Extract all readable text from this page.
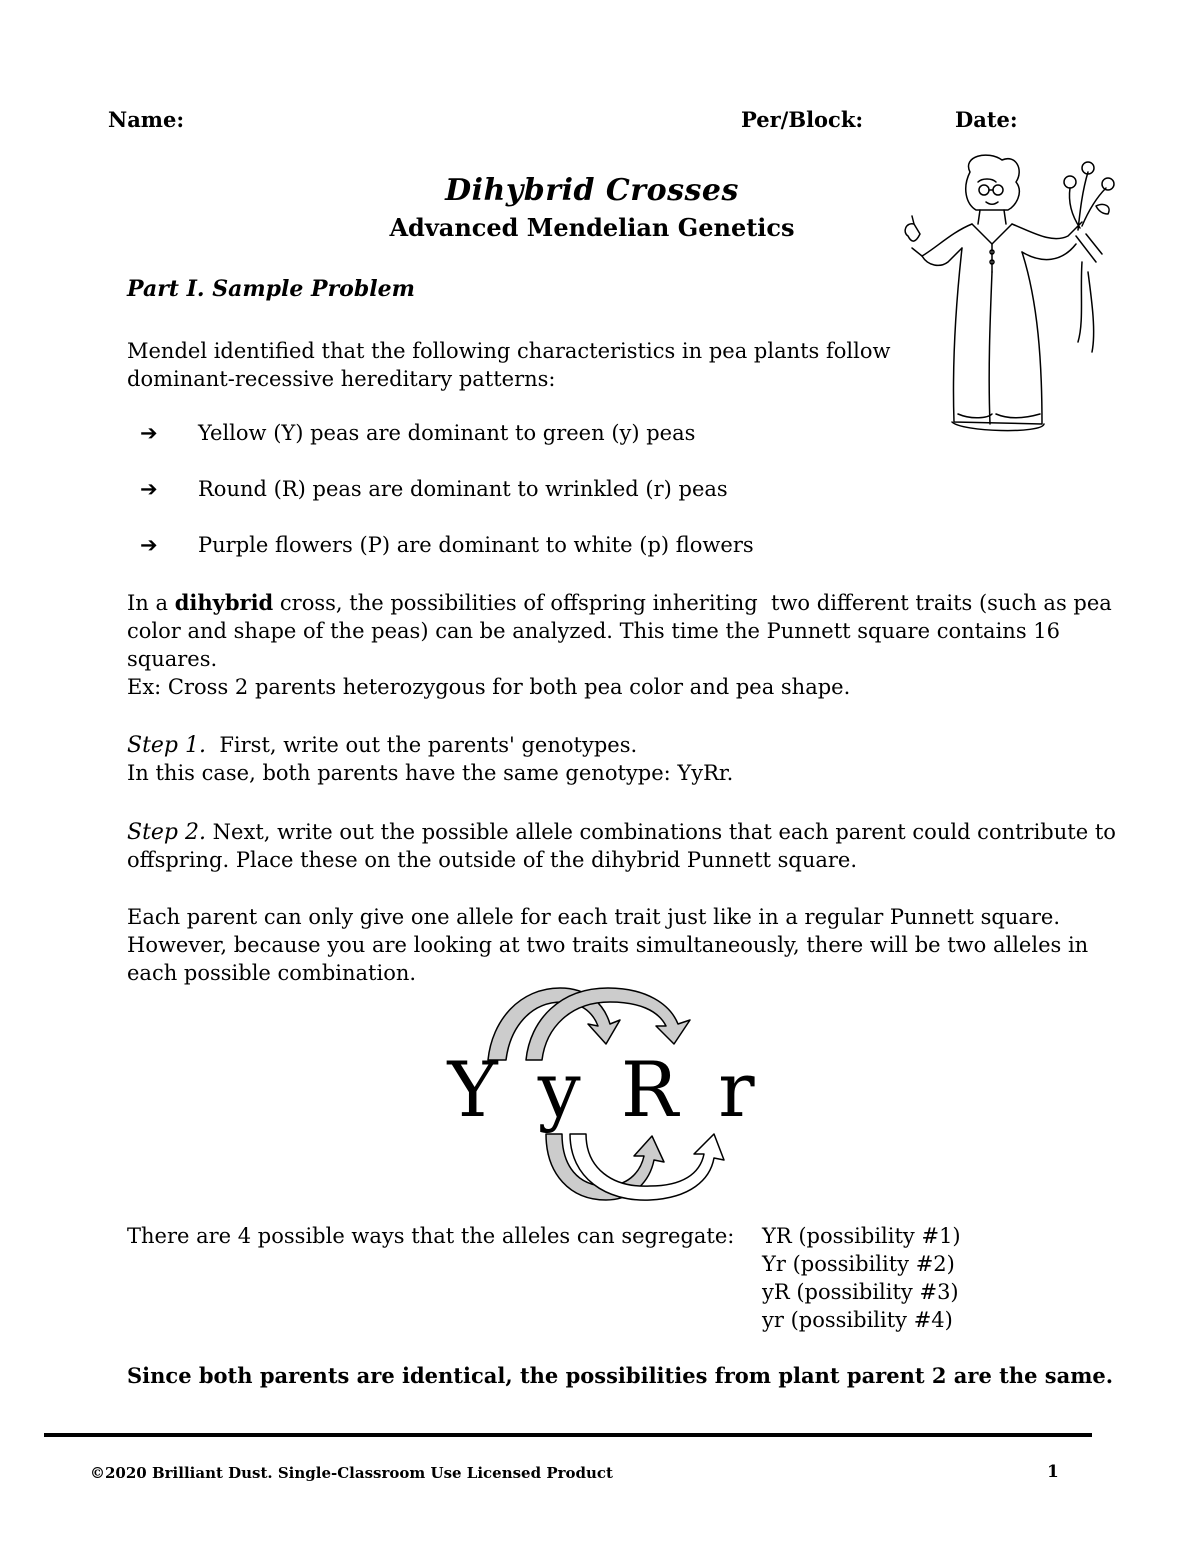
Name:	Per/Block:	Date:
Dihybrid Crosses
Advanced Mendelian Genetics
Part I. Sample Problem
Mendel identified that the following characteristics in pea plants follow
dominant-recessive hereditary patterns:
➔ Yellow (Y) peas are dominant to green (y) peas
➔ Round (R) peas are dominant to wrinkled (r) peas
➔ Purple flowers (P) are dominant to white (p) flowers
In a dihybrid cross, the possibilities of offspring inheriting  two different traits (such as pea
color and shape of the peas) can be analyzed. This time the Punnett square contains 16
squares.
Ex: Cross 2 parents heterozygous for both pea color and pea shape.
Step 1.  First, write out the parents' genotypes.
In this case, both parents have the same genotype: YyRr.
Step 2. Next, write out the possible allele combinations that each parent could contribute to
offspring. Place these on the outside of the dihybrid Punnett square.
Each parent can only give one allele for each trait just like in a regular Punnett square.
However, because you are looking at two traits simultaneously, there will be two alleles in
each possible combination.
Y y R r
There are 4 possible ways that the alleles can segregate: YR (possibility #1)
Yr (possibility #2)
yR (possibility #3)
yr (possibility #4)
Since both parents are identical, the possibilities from plant parent 2 are the same.
©2020 Brilliant Dust. Single-Classroom Use Licensed Product	1
